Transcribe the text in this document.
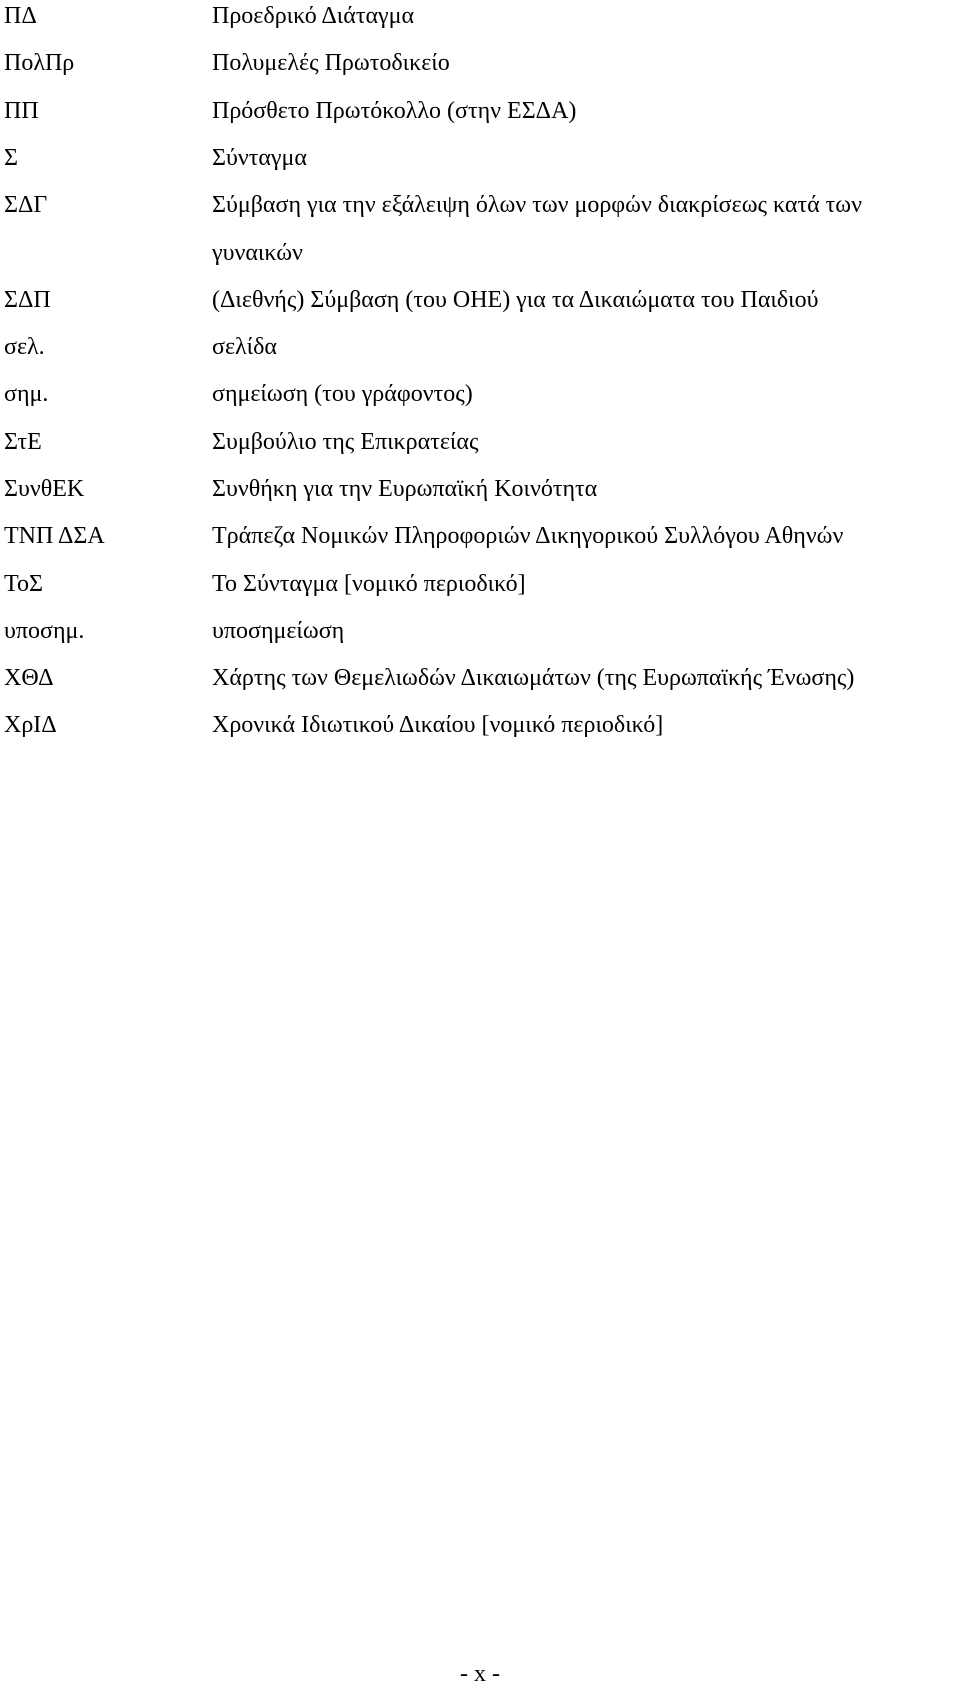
ΠΔ	Προεδρικό Διάταγμα
ΠολΠρ	Πολυμελές Πρωτοδικείο
ΠΠ	Πρόσθετο Πρωτόκολλο (στην ΕΣΔΑ)
Σ	Σύνταγμα
ΣΔΓ	Σύμβαση για την εξάλειψη όλων των μορφών διακρίσεως κατά των γυναικών
ΣΔΠ	(Διεθνής) Σύμβαση (του ΟΗΕ) για τα Δικαιώματα του Παιδιού
σελ.	σελίδα
σημ.	σημείωση (του γράφοντος)
ΣτΕ	Συμβούλιο της Επικρατείας
ΣυνθΕΚ	Συνθήκη για την Ευρωπαϊκή Κοινότητα
ΤΝΠ ΔΣΑ	Τράπεζα Νομικών Πληροφοριών Δικηγορικού Συλλόγου Αθηνών
ΤοΣ	Το Σύνταγμα [νομικό περιοδικό]
υποσημ.	υποσημείωση
ΧΘΔ	Χάρτης των Θεμελιωδών Δικαιωμάτων (της Ευρωπαϊκής Ένωσης)
ΧρΙΔ	Χρονικά Ιδιωτικού Δικαίου [νομικό περιοδικό]
- x -
